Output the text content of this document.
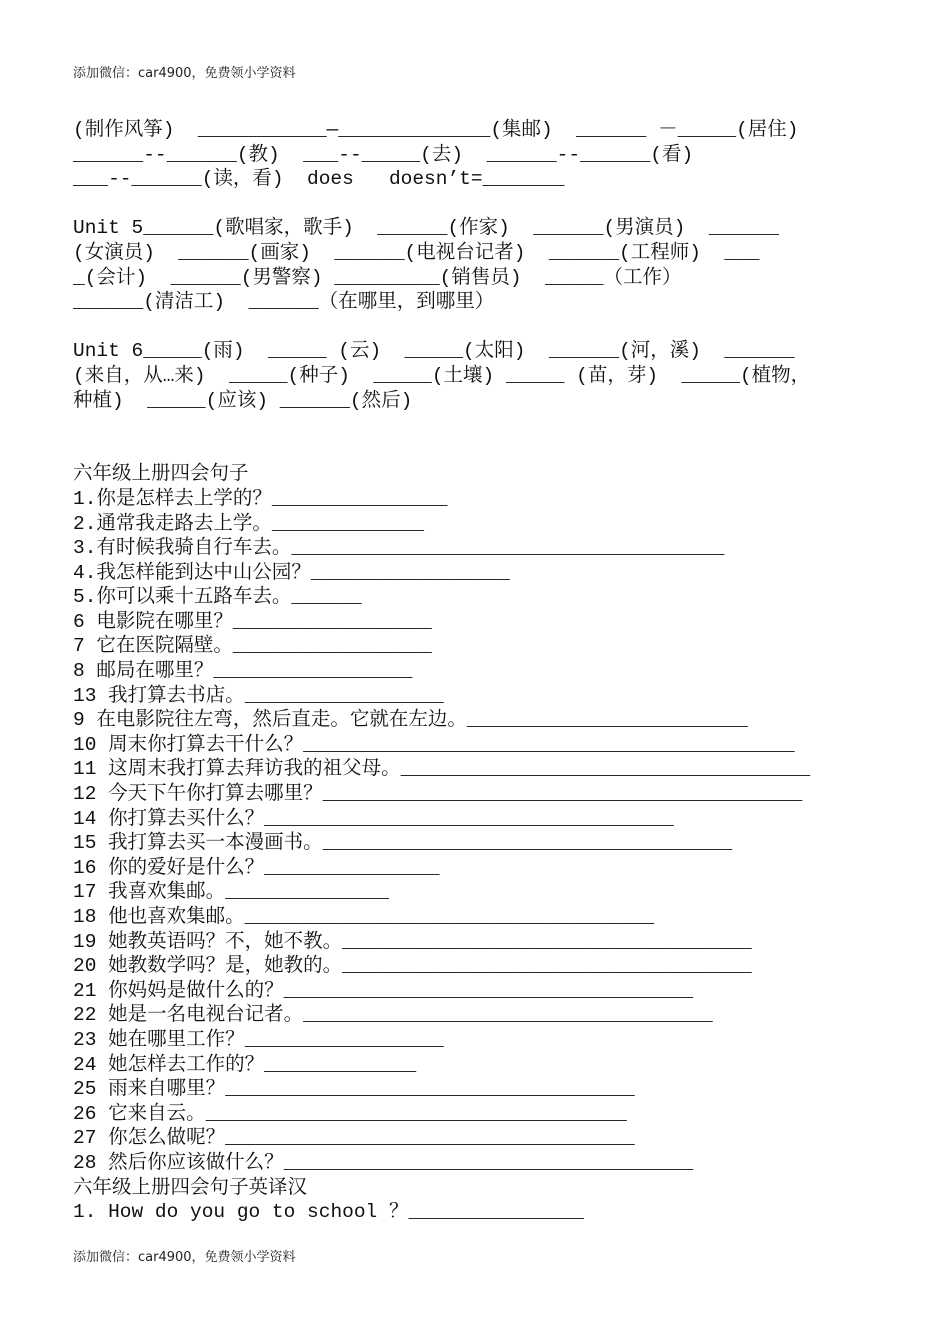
添加微信：car4900，免费领小学资料
(制作风筝)  ___________—_____________(集邮)  ______ －_____(居住)
______--______(教)  ___--_____(去)  ______--______(看)
___--______(读，看)  does   doesn’t=_______
Unit 5______(歌唱家，歌手)  ______(作家)  ______(男演员)  ______
(女演员)  ______(画家)  ______(电视台记者)  ______(工程师)  ___
_(会计)  ______(男警察) _________(销售员)  _____（工作）
______(清洁工)  ______（在哪里，到哪里）
Unit 6_____(雨)  _____ (云)  _____(太阳)  ______(河，溪)  ______
(来自，从…来)  _____(种子)  _____(土壤) _____ (苗，芽)  _____(植物，
种植)  _____(应该) ______(然后)
六年级上册四会句子
1.你是怎样去上学的？_______________
2.通常我走路去上学。_____________
3.有时候我骑自行车去。_____________________________________
4.我怎样能到达中山公园？_________________
5.你可以乘十五路车去。______
6 电影院在哪里？_________________
7 它在医院隔壁。_________________
8 邮局在哪里？_________________
13 我打算去书店。_________________
9 在电影院往左弯，然后直走。它就在左边。________________________
10 周末你打算去干什么？__________________________________________
11 这周末我打算去拜访我的祖父母。___________________________________
12 今天下午你打算去哪里？_________________________________________
14 你打算去买什么？___________________________________
15 我打算去买一本漫画书。___________________________________
16 你的爱好是什么？_______________
17 我喜欢集邮。______________
18 他也喜欢集邮。___________________________________
19 她教英语吗？不，她不教。___________________________________
20 她教数学吗？是，她教的。___________________________________
21 你妈妈是做什么的？___________________________________
22 她是一名电视台记者。___________________________________
23 她在哪里工作？_________________
24 她怎样去工作的？_____________
25 雨来自哪里？___________________________________
26 它来自云。____________________________________
27 你怎么做呢？___________________________________
28 然后你应该做什么？___________________________________
六年级上册四会句子英译汉
1. How do you go to school ？_______________
添加微信：car4900，免费领小学资料
